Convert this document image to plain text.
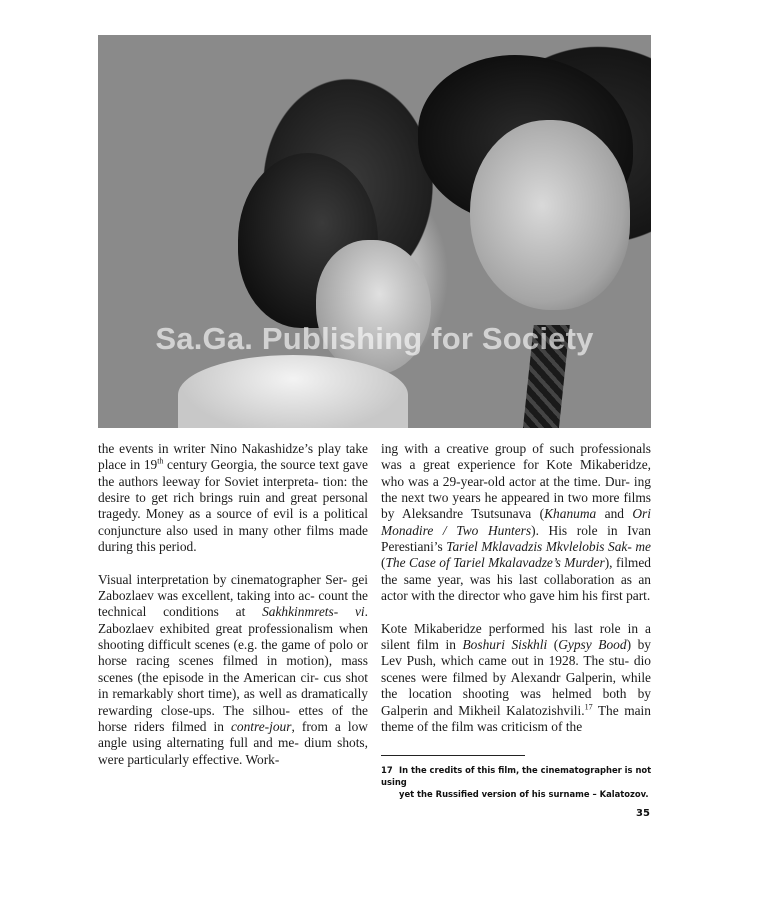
Sa.Ga. Publishing for Society

the events in writer Nino Nakashidze’s play take place in 19th century Georgia, the source text gave the authors leeway for Soviet interpreta- tion: the desire to get rich brings ruin and great personal tragedy. Money as a source of evil is a political conjuncture also used in many other films made during this period.

Visual interpretation by cinematographer Ser- gei Zabozlaev was excellent, taking into ac- count the technical conditions at Sakhkinmrets- vi. Zabozlaev exhibited great professionalism when shooting difficult scenes (e.g. the game of polo or horse racing scenes filmed in motion), mass scenes (the episode in the American cir- cus shot in remarkably short time), as well as dramatically rewarding close-ups. The silhou- ettes of the horse riders filmed in contre-jour, from a low angle using alternating full and me- dium shots, were particularly effective. Work-

ing with a creative group of such professionals was a great experience for Kote Mikaberidze, who was a 29-year-old actor at the time. Dur- ing the next two years he appeared in two more films by Aleksandre Tsutsunava (Khanuma and Ori Monadire / Two Hunters). His role in Ivan Perestiani’s Tariel Mklavadzis Mkvlelobis Sak- me (The Case of Tariel Mkalavadze’s Murder), filmed the same year, was his last collaboration as an actor with the director who gave him his first part.

Kote Mikaberidze performed his last role in a silent film in Boshuri Siskhli (Gypsy Bood) by Lev Push, which came out in 1928. The stu- dio scenes were filmed by Alexandr Galperin, while the location shooting was helmed both by Galperin and Mikheil Kalatozishvili.$^{17}$ The main theme of the film was criticism of the

17 In the credits of this film, the cinematographer is not using
yet the Russified version of his surname – Kalatozov.
35
